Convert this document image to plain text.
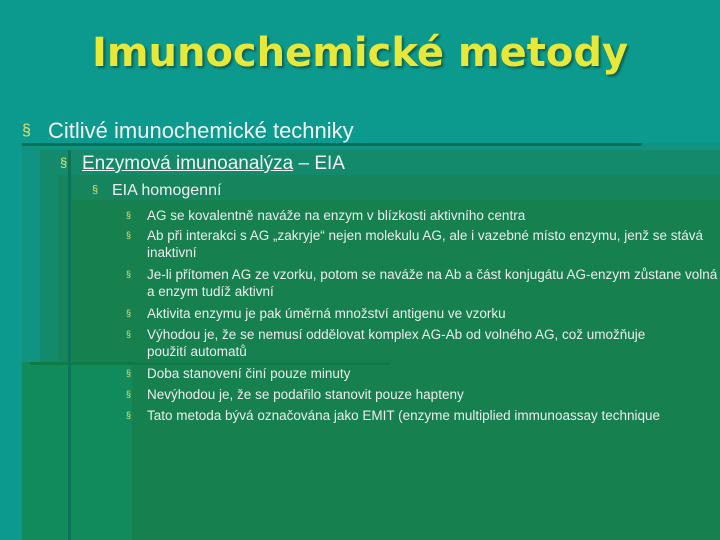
Imunochemické metody
§ Citlivé imunochemické techniky
§ Enzymová imunoanalýza – EIA
§ EIA homogenní
§	AG se kovalentně naváže na enzym v blízkosti aktivního centra
§	Ab při interakci s AG „zakryje“ nejen molekulu AG, ale i vazebné místo enzymu, jenž se stává inaktivní
§	Je-li přítomen AG ze vzorku, potom se naváže na Ab a část konjugátu AG-enzym zůstane volná a enzym tudíž aktivní
§	Aktivita enzymu je pak úměrná množství antigenu ve vzorku
§	Výhodou je, že se nemusí oddělovat komplex AG-Ab od volného AG, což umožňuje použití automatů
§	Doba stanovení činí pouze minuty
§	Nevýhodou je, že se podařilo stanovit pouze hapteny
§	Tato metoda bývá označována jako EMIT (enzyme multiplied immunoassay technique
